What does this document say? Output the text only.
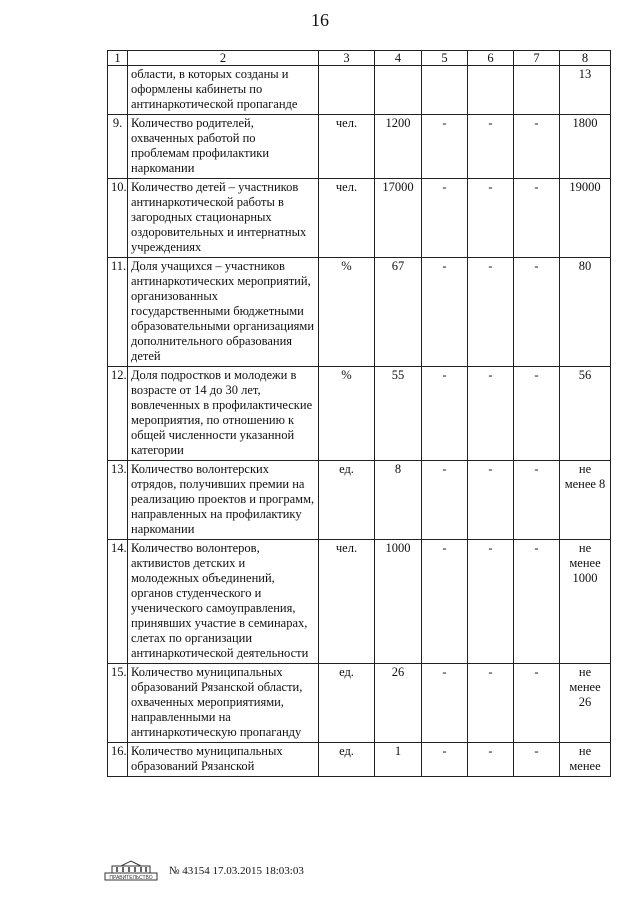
16
1	2	3	4	5	6	7	8
	области, в которых созданы и оформлены кабинеты по антинаркотической пропаганде						13
9.	Количество родителей, охваченных работой по проблемам профилактики наркомании	чел.	1200	-	-	-	1800
10.	Количество детей – участников антинаркотической работы в загородных стационарных оздоровительных и интернатных учреждениях	чел.	17000	-	-	-	19000
11.	Доля учащихся – участников антинаркотических мероприятий, организованных государственными бюджетными образовательными организациями дополнительного образования детей	%	67	-	-	-	80
12.	Доля подростков и молодежи в возрасте от 14 до 30 лет, вовлеченных в профилактические мероприятия, по отношению к общей численности указанной категории	%	55	-	-	-	56
13.	Количество волонтерских отрядов, получивших премии на реализацию проектов и программ, направленных на профилактику наркомании	ед.	8	-	-	-	не менее 8
14.	Количество волонтеров, активистов детских и молодежных объединений, органов студенческого и ученического самоуправления, принявших участие в семинарах, слетах по организации антинаркотической деятельности	чел.	1000	-	-	-	не менее 1000
15.	Количество муниципальных образований Рязанской области, охваченных мероприятиями, направленными на антинаркотическую пропаганду	ед.	26	-	-	-	не менее 26
16.	Количество муниципальных образований Рязанской	ед.	1	-	-	-	не менее
ПРАВИТЕЛЬСТВО
№ 43154 17.03.2015 18:03:03
